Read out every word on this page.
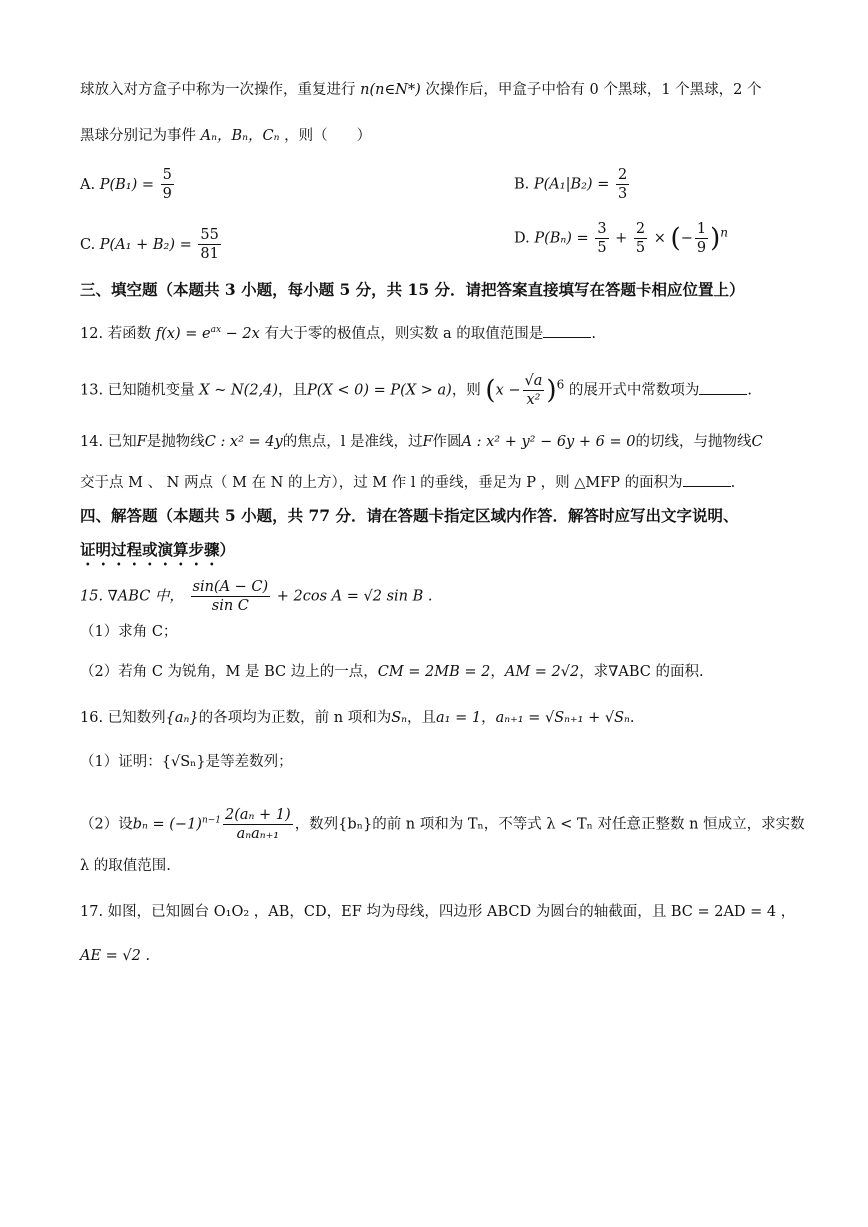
球放入对方盒子中称为一次操作，重复进行 n(n∈N*) 次操作后，甲盒子中恰有 0 个黑球，1 个黑球，2 个
黑球分别记为事件 Aₙ，Bₙ，Cₙ ，则（　　）
A. $P(B_1) = \frac{5}{9}$	B. $P(A_1|B_2) = \frac{2}{3}$
C. $P(A_1 + B_2) = \frac{55}{81}$	D. $P(B_n) = \frac{3}{5} + \frac{2}{5}$ × (− $\frac{1}{9} )^n$
三、填空题（本题共 3 小题，每小题 5 分，共 15 分．请把答案直接填写在答题卡相应位置上）
12. 若函数 $f(x) = e^{ax} - 2x$ 有大于零的极值点，则实数 a 的取值范围是	.
13. 已知随机变量 X ~ N(2,4)，且P(X < 0) = P(X > a)，则 $(x - \frac{√a}{\text{x²}} )^6$ 的展开式中常数项为	.
14. 已知F是抛物线C : x² = 4y的焦点，l 是准线，过F作圆A : x² + y² − 6y + 6 = 0的切线，与抛物线C
交于点 M 、 N 两点（ M 在 N 的上方），过 M 作 l 的垂线，垂足为 P ，则 △MFP 的面积为	.
四、解答题（本题共 5 小题，共 77 分．请在答题卡指定区域内作答．解答时应写出文字说明、
证明过程或演算步骤）
15. ∇ABC 中， $\frac{\sin(A - C)}{\text{sin C}} + 2\cos$ A = √2 sin B .
（1）求角 C；
（2）若角 C 为锐角，M 是 BC 边上的一点，CM = 2MB = 2，AM = 2√2，求∇ABC 的面积.
16. 已知数列{aₙ}的各项均为正数，前 n 项和为Sₙ，且a₁ = 1，aₙ₊₁ = √Sₙ₊₁ + √Sₙ.
（1）证明：{√Sₙ}是等差数列；
（2）设$b_n = (-1)^{n-1} \frac{\text{2(aₙ + 1)}}{\text{aₙaₙ₊₁}}$ ，数列{bₙ}的前 n 项和为 Tₙ，不等式 λ < Tₙ 对任意正整数 n 恒成立，求实数
λ 的取值范围.
17. 如图，已知圆台 O₁O₂ ，AB，CD，EF 均为母线，四边形 ABCD 为圆台的轴截面，且 BC = 2AD = 4 ，
AE = √2 .
